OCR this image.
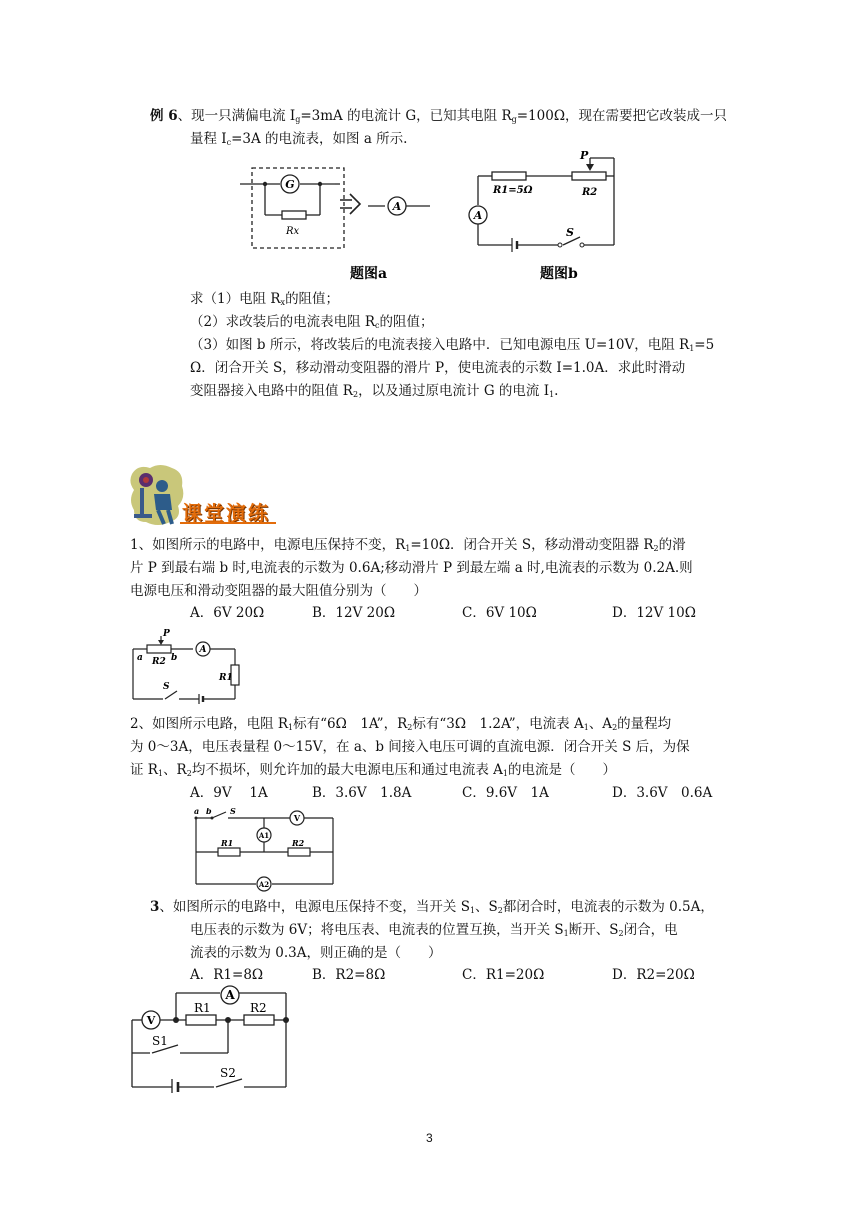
例 6、现一只满偏电流 $I_g=3mA$ 的电流计 G，已知其电阻 $R_g=100\Omega$，现在需要把它改装成一只
量程 $I_c=3A$ 的电流表，如图 a 所示.
G
Rx
A
题图a
P
R1=5Ω	R2
A
S
题图b
求（1）电阻 $R_x$的阻值；
（2）求改装后的电流表电阻 $R_c$的阻值；
（3）如图 b 所示，将改装后的电流表接入电路中．已知电源电压 U=10V，电阻 $R_1=5$
Ω．闭合开关 S，移动滑动变阻器的滑片 P，使电流表的示数 I=1.0A．求此时滑动
变阻器接入电路中的阻值 $R_2$，以及通过原电流计 G 的电流 $I_1$.
课堂演练
1、如图所示的电路中，电源电压保持不变，$R_1=10\Omega$．闭合开关 S，移动滑动变阻器 $R_2$的滑
片 P 到最右端 b 时,电流表的示数为 0.6A;移动滑片 P 到最左端 a 时,电流表的示数为 0.2A.则
电源电压和滑动变阻器的最大阻值分别为（　　）
A．6V 20Ω	B．12V 20Ω	C．6V 10Ω	D．12V 10Ω
P
a R2 b
A
R1
S
2、如图所示电路，电阻 $R_1$标有“6Ω　1A”，$R_2$标有“3Ω　1.2A”，电流表 $A_1$、$A_2$的量程均
为 0～3A，电压表量程 0～15V，在 a、b 间接入电压可调的直流电源．闭合开关 S 后，为保
证 $R_1$、$R_2$均不损坏，则允许加的最大电源电压和通过电流表 $A_1$的电流是（　　）
A．9V　 1A	B．3.6V　1.8A	C．9.6V　1A	D．3.6V　0.6A
a b S
V
A1
R1	R2
A2
3、如图所示的电路中，电源电压保持不变，当开关 $S_1$、$S_2$都闭合时，电流表的示数为 0.5A，
电压表的示数为 6V；将电压表、电流表的位置互换，当开关 $S_1$断开、$S_2$闭合，电
流表的示数为 0.3A，则正确的是（　　）
A．R1=8Ω	B．R2=8Ω	C．R1=20Ω	D．R2=20Ω
A
R1	R2
V
S1
S2
3
